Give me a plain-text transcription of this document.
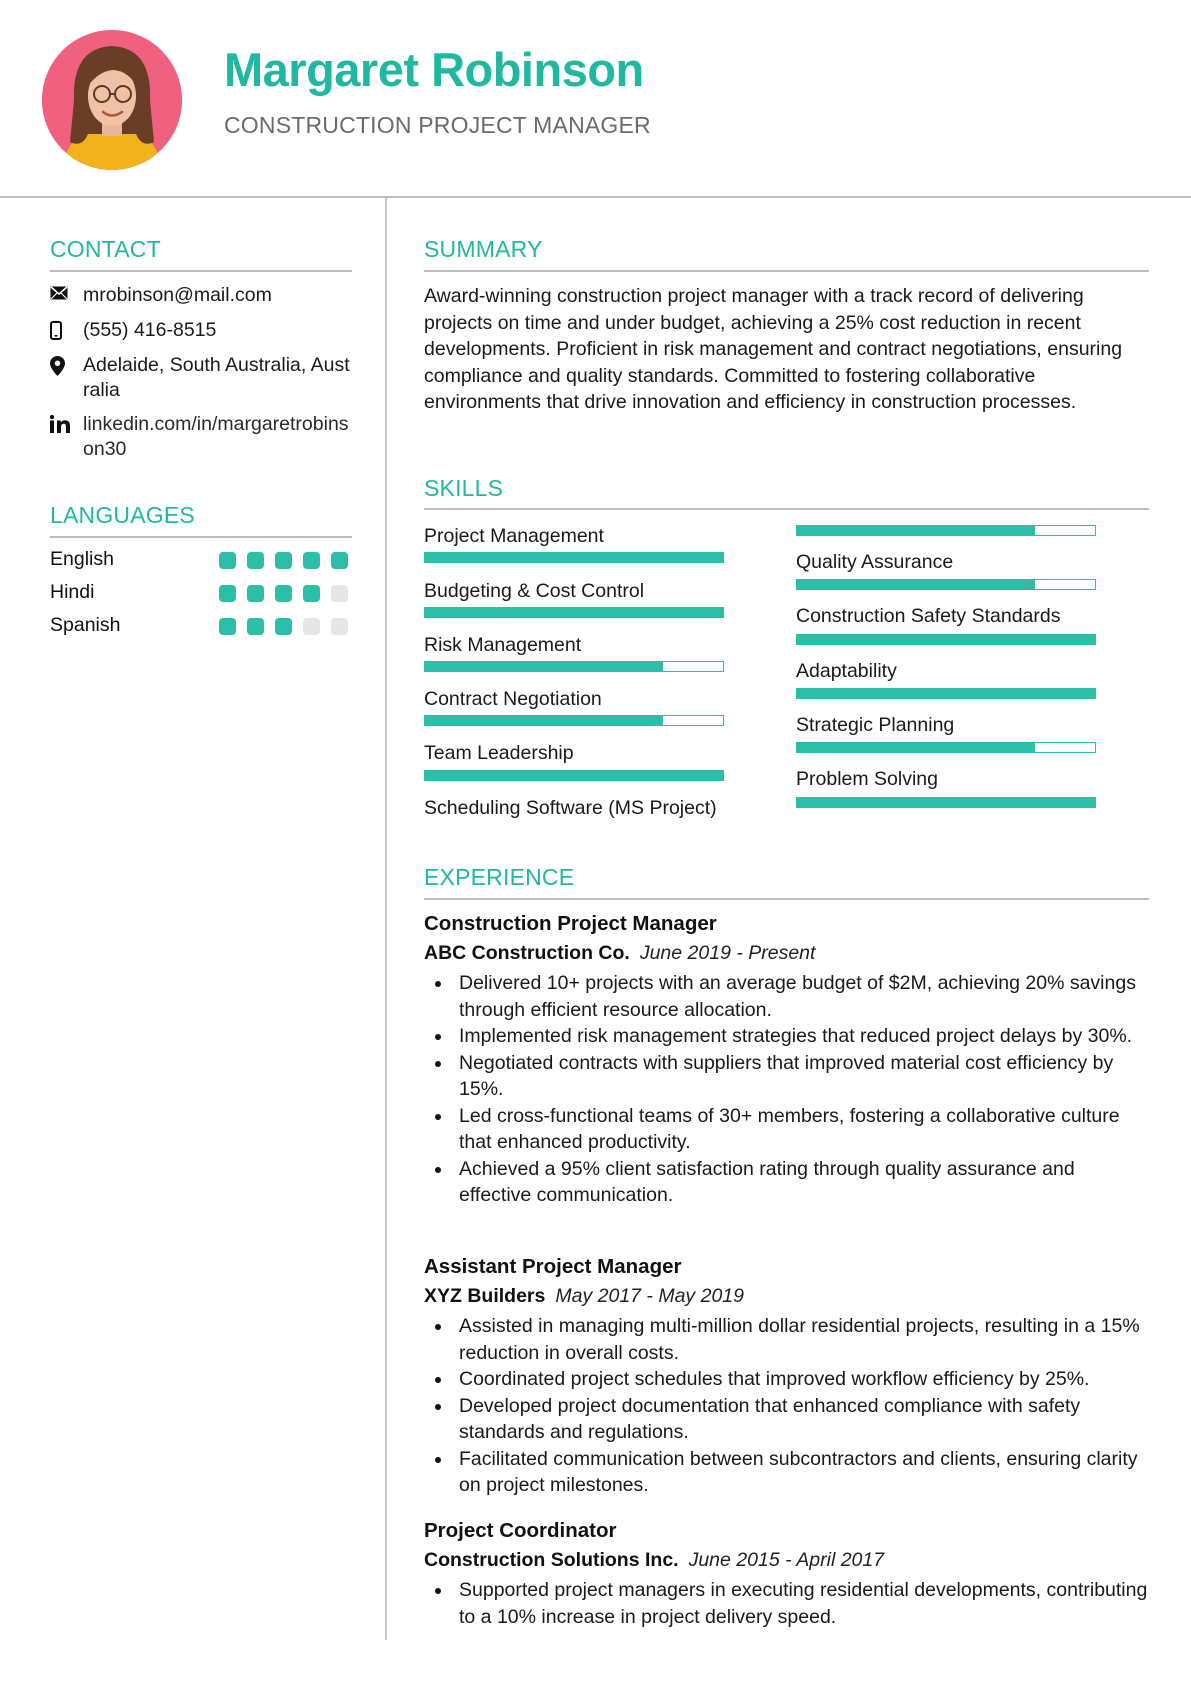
Margaret Robinson
CONSTRUCTION PROJECT MANAGER
CONTACT
mrobinson@mail.com
(555) 416-8515
Adelaide, South Australia, Australia
linkedin.com/in/margaretrobinson30
LANGUAGES
English
Hindi
Spanish
SUMMARY
Award-winning construction project manager with a track record of delivering projects on time and under budget, achieving a 25% cost reduction in recent developments. Proficient in risk management and contract negotiations, ensuring compliance and quality standards. Committed to fostering collaborative environments that drive innovation and efficiency in construction processes.
SKILLS
Project Management
Budgeting & Cost Control
Risk Management
Contract Negotiation
Team Leadership
Scheduling Software (MS Project)
Quality Assurance
Construction Safety Standards
Adaptability
Strategic Planning
Problem Solving
EXPERIENCE
Construction Project Manager
ABC Construction Co. June 2019 - Present
Delivered 10+ projects with an average budget of $2M, achieving 20% savings through efficient resource allocation.
Implemented risk management strategies that reduced project delays by 30%.
Negotiated contracts with suppliers that improved material cost efficiency by 15%.
Led cross-functional teams of 30+ members, fostering a collaborative culture that enhanced productivity.
Achieved a 95% client satisfaction rating through quality assurance and effective communication.
Assistant Project Manager
XYZ Builders May 2017 - May 2019
Assisted in managing multi-million dollar residential projects, resulting in a 15% reduction in overall costs.
Coordinated project schedules that improved workflow efficiency by 25%.
Developed project documentation that enhanced compliance with safety standards and regulations.
Facilitated communication between subcontractors and clients, ensuring clarity on project milestones.
Project Coordinator
Construction Solutions Inc. June 2015 - April 2017
Supported project managers in executing residential developments, contributing to a 10% increase in project delivery speed.
